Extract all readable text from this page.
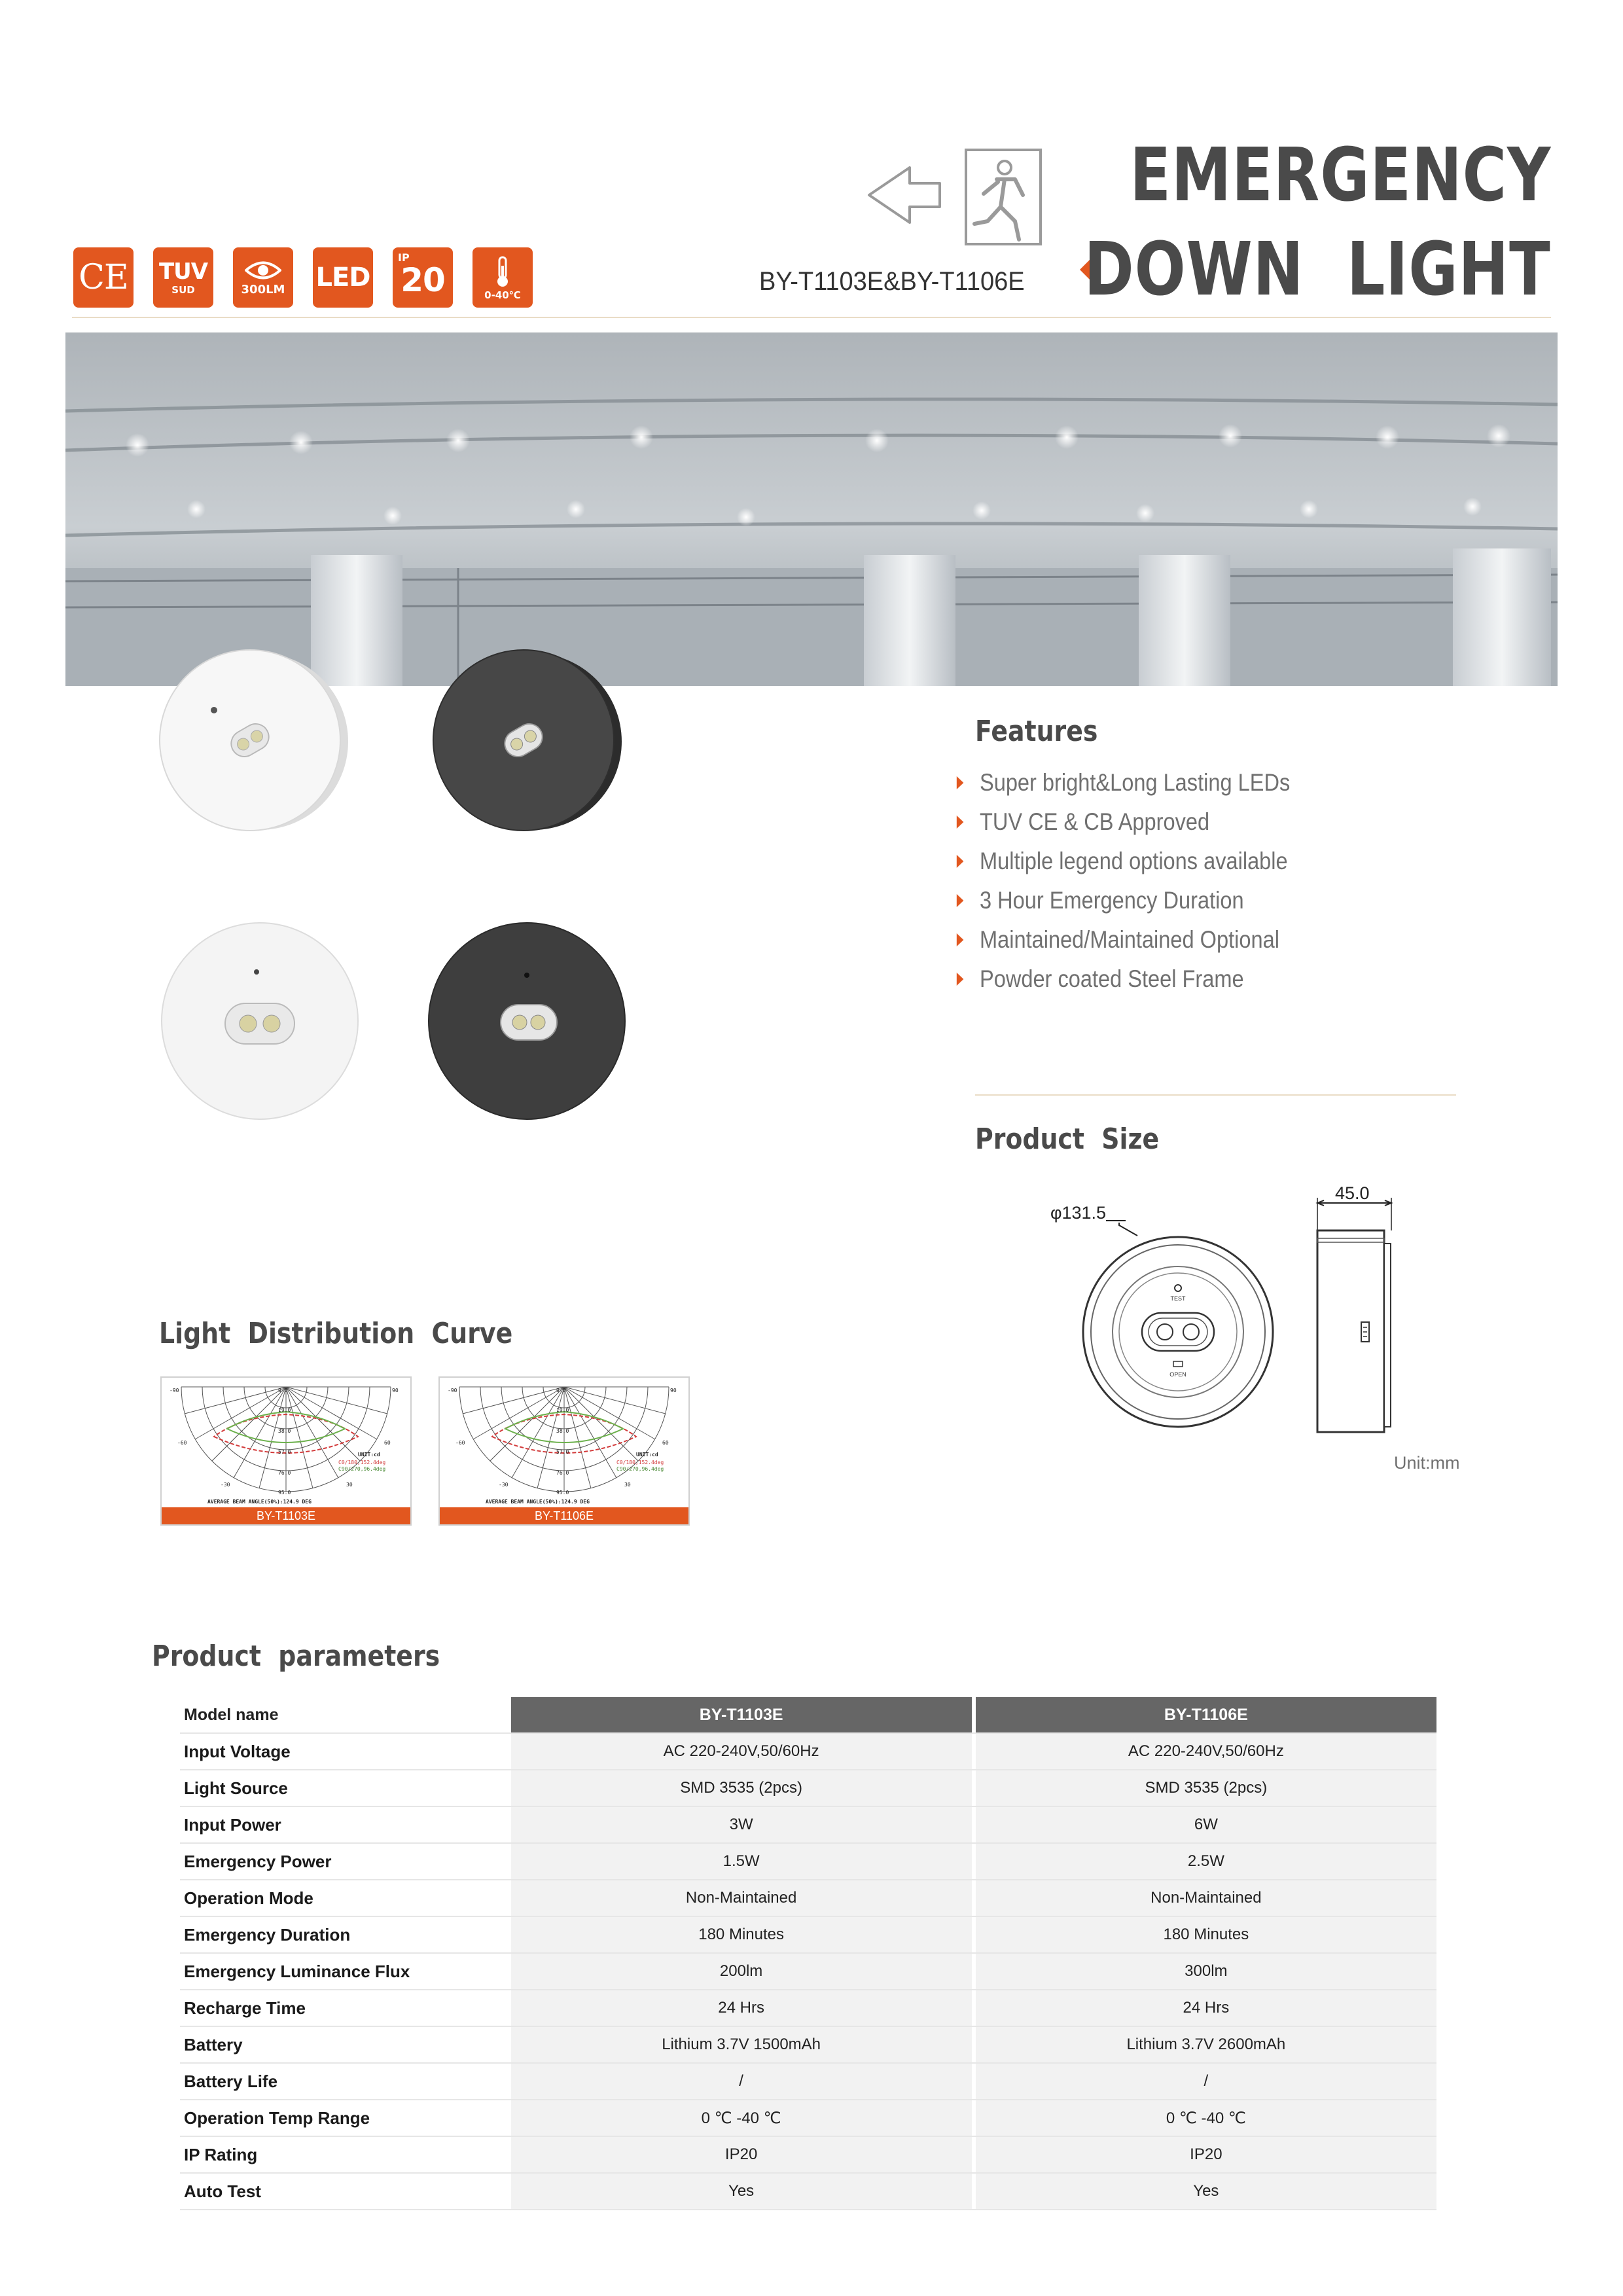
EMERGENCY
DOWN  LIGHT
BY-T1103E&BY-T1106E
CE TUV
SUD	300LM LED
IP
20	0-40℃
Features
Super bright&Long Lasting LEDs
TUV CE & CB Approved
Multiple legend options available
3 Hour Emergency Duration
Maintained/Maintained Optional
Powder coated Steel Frame
Product  Size
TEST
OPEN
φ131.5
45.0
Unit:mm
Light  Distribution  Curve
-90	90
-60	60
-30	30
0.0
19.0
38.0
57.0
76.0
95.0
UNIT:cd
C0/180,152.4deg
C90/270,96.4deg
AVERAGE BEAM ANGLE(50%):124.9 DEG
BY-T1103E
-90	90
-60	60
-30	30
0.0
19.0
38.0
57.0
76.0
95.0
UNIT:cd
C0/180,152.4deg
C90/270,96.4deg
AVERAGE BEAM ANGLE(50%):124.9 DEG
BY-T1106E
Product  parameters
Model name	BY-T1103E		BY-T1106E
Input Voltage	AC 220-240V,50/60Hz		AC 220-240V,50/60Hz
Light Source	SMD 3535 (2pcs)		SMD 3535 (2pcs)
Input Power	3W		6W
Emergency Power	1.5W		2.5W
Operation Mode	Non-Maintained		Non-Maintained
Emergency Duration	180 Minutes		180 Minutes
Emergency Luminance Flux	200lm		300lm
Recharge Time	24 Hrs		24 Hrs
Battery	Lithium 3.7V 1500mAh		Lithium 3.7V 2600mAh
Battery Life	/		/
Operation Temp Range	0 ℃ -40 ℃		0 ℃ -40 ℃
IP Rating	IP20		IP20
Auto Test	Yes		Yes
